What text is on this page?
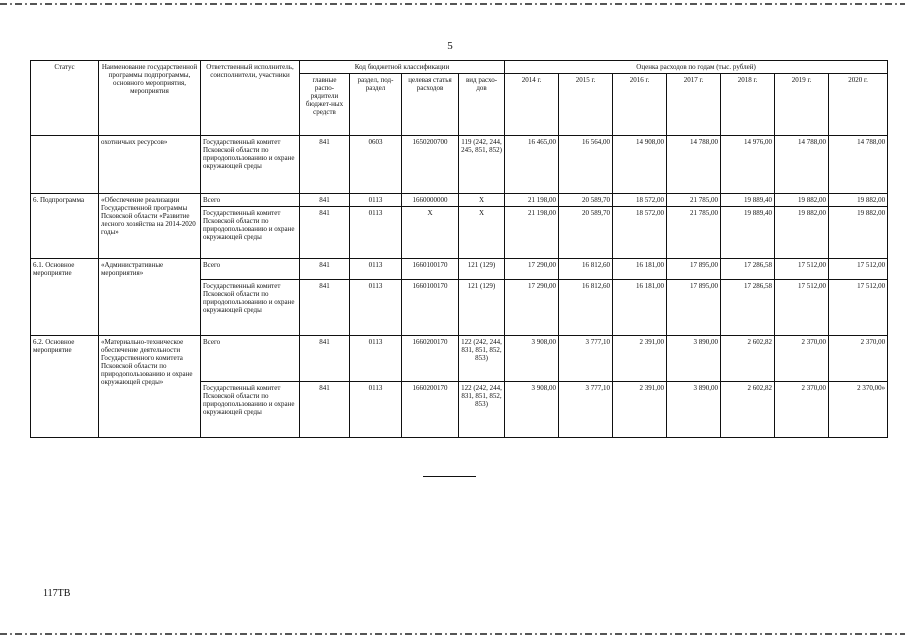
5
Статус	Наименование государственной программы подпрограммы, основного мероприятия, мероприятия	Ответственный исполнитель, соисполнители, участники	Код бюджетной классификации				Оценка расходов по годам (тыс. рублей)						
			главные распо-рядители бюджет-ных средств	раздел, под-раздел	целевая статья расходов	вид расхо-дов	2014 г.	2015 г.	2016 г.	2017 г.	2018 г.	2019 г.	2020 г.
	охотничьих ресурсов»	Государственный комитет Псковской области по природопользованию и охране окружающей среды	841	0603	1650200700	119 (242, 244, 245, 851, 852)	16 465,00	16 564,00	14 908,00	14 788,00	14 976,00	14 788,00	14 788,00
6. Подпрограмма	«Обеспечение реализации Государственной программы Псковской области «Развитие лесного хозяйства на 2014-2020 годы»	Всего	841	0113	1660000000	Х	21 198,00	20 589,70	18 572,00	21 785,00	19 889,40	19 882,00	19 882,00
		Государственный комитет Псковской области по природопользованию и охране окружающей среды	841	0113	Х	Х	21 198,00	20 589,70	18 572,00	21 785,00	19 889,40	19 882,00	19 882,00
6.1. Основное мероприятие	«Административные мероприятия»	Всего	841	0113	1660100170	121 (129)	17 290,00	16 812,60	16 181,00	17 895,00	17 286,58	17 512,00	17 512,00
		Государственный комитет Псковской области по природопользованию и охране окружающей среды	841	0113	1660100170	121 (129)	17 290,00	16 812,60	16 181,00	17 895,00	17 286,58	17 512,00	17 512,00
6.2. Основное мероприятие	«Материально-техническое обеспечение деятельности Государственного комитета Псковской области по природопользованию и охране окружающей среды»	Всего	841	0113	1660200170	122 (242, 244, 831, 851, 852, 853)	3 908,00	3 777,10	2 391,00	3 890,00	2 602,82	2 370,00	2 370,00
		Государственный комитет Псковской области по природопользованию и охране окружающей среды	841	0113	1660200170	122 (242, 244, 831, 851, 852, 853)	3 908,00	3 777,10	2 391,00	3 890,00	2 602,82	2 370,00	2 370,00»
117ТВ
